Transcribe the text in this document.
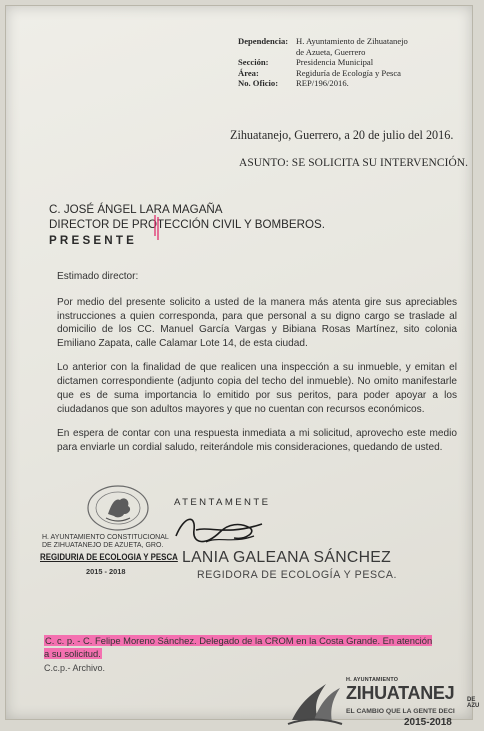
Dependencia: H. Ayuntamiento de Zihuatanejo
de Azueta, Guerrero
Sección:	Presidencia Municipal
Área:	Regiduría de Ecología y Pesca
No. Oficio:	REP/196/2016.
Zihuatanejo, Guerrero, a 20 de julio del 2016.
ASUNTO: SE SOLICITA SU INTERVENCIÓN.
C. JOSÉ ÁNGEL LARA MAGAÑA
DIRECTOR DE PROTECCIÓN CIVIL Y BOMBEROS.
PRESENTE

Estimado director:

Por medio del presente solicito a usted de la manera más atenta gire sus apreciables instrucciones a quien corresponda, para que personal a su digno cargo se traslade al domicilio de los CC. Manuel García Vargas y Bibiana Rosas Martínez, sito colonia Emiliano Zapata, calle Calamar Lote 14, de esta ciudad.

Lo anterior con la finalidad de que realicen una inspección a su inmueble, y emitan el dictamen correspondiente (adjunto copia del techo del inmueble). No omito manifestarle que es de suma importancia lo emitido por sus peritos, para poder apoyar a los ciudadanos que son adultos mayores y que no cuentan con recursos económicos.

En espera de contar con una respuesta inmediata a mi solicitud, aprovecho este medio para enviarle un cordial saludo, reiterándole mis consideraciones, quedando de usted.

H. AYUNTAMIENTO CONSTITUCIONAL
DE ZIHUATANEJO DE AZUETA, GRO.
REGIDURIA DE ECOLOGIA Y PESCA
2015 - 2018
ATENTAMENTE
LANIA GALEANA SÁNCHEZ
REGIDORA DE ECOLOGÍA Y PESCA.
C. c. p. - C. Felipe Moreno Sánchez. Delegado de la CROM en la Costa Grande. En atención a su solicitud.
C.c.p.- Archivo.
H. AYUNTAMIENTO
ZIHUATANEJ DE AZU
EL CAMBIO QUE LA GENTE DECI
2015-2018
